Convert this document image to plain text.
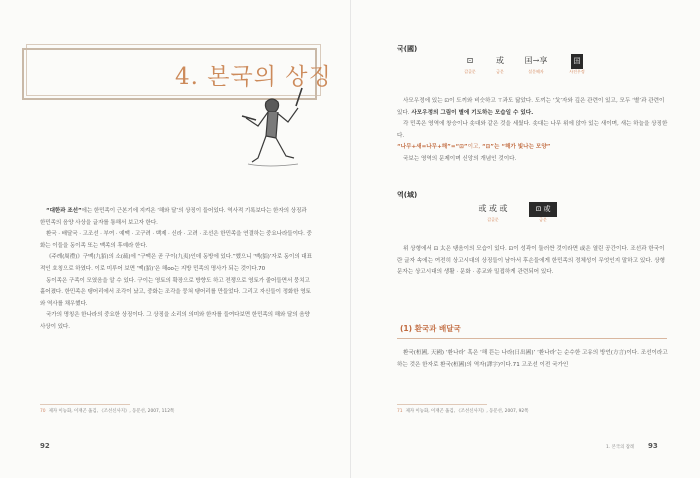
4. 본국의 상징

“대한과 조선”에는 한민족이 근본기에 지켜온 ‘해와 달’의 상징이 들어있다. 역사적 기록보다는 한자의 상징과 한민족의 음양 사상을 글자를 통해서 보고자 한다.

환국 · 배달국 · 고조선 · 부여 · 예맥 · 고구려 · 백제 · 신라 · 고려 · 조선은 한민족을 연결하는 중요나라들이다. 중화는 이들을 동이족 또는 맥족의 후예라 한다.

《주례(周禮)》구맥(九貊)의 소(疏)에 “구맥은 곧 구이(九夷)인데 동방에 있다.”했으니 ‘맥(貊)’자로 동이의 대표적인 호칭으로 하였다. 이로 미루어 보면 ‘맥(貊)’은 해oo는 지방 민족의 명사가 되는 것이다.70

동이족은 구족이 모였음을 알 수 있다. 구이는 영토의 확장으로 방향도 하고 전쟁으로 영토가 줄어들면서 뭉치고 흩어졌다. 한민족은 탱어리에서 조각이 났고, 중화는 조각을 뭉쳐 탱어리를 만들었다. 그리고 자신들이 정화한 영토와 역사를 채우했다.

국가의 명칭은 한나라의 중요한 상징이다. 그 상징을 소리의 의미와 한자를 들여다보면 한민족의 해와 달의 음양사상이 있다.

70 제자 이능화, 이재곤 옮김, 《조선신사지》, 동문선, 2007, 112쪽
92
국(國)
⊡
갑골문
或
금문
囯→享
설문해자
囯
사진우정

사모우정에 있는 ⊡이 도끼와 비슷하고 ⊤과도 닮았다. 도끼는 ‘戈’자와 깊은 관련이 있고, 모두 ‘별’과 관련이 있다. 사모우정의 그림이 별에 기도하는 모습일 수 있다.

각 민족은 영역에 창승이나 솟대와 같은 것을 세웠다. 솟대는 나무 위에 앉아 있는 새이며, 새는 하늘을 상징한다.

“나무+새=나무+해”=“⊡”이고, “⊡”는 “해가 빛나는 모양”

국보는 영역의 문제이며 신앙의 개념인 것이다.

역(域)
或 或 或
갑골문
⊡ 或
금문

위 상형에서 ⊡ 太은 탱음이의 모습이 있다. ⊡이 성곽이 둘러싼 것이라면 或은 열린 공간이다. 조선과 한국이란 글자 속에는 여전히 상고시대의 상징들이 남아서 후손들에게 한민족의 정체성이 무엇인지 말하고 있다. 상형문자는 상고시대의 생활 · 문화 · 종교와 밀접하게 관련되어 있다.

(1) 환국과 배달국

환국(桓國, 天國) ‘환나라’ 혹은 ‘해 뜬는 나라(日出國)’ ‘환나라’는 순수한 고유의 방언(方言)이다. 조선이라고 하는 것은 한자로 환국(桓國)의 역자(譯字)이다.71 고조선 이전 국가인

71 제자 이능화, 이재곤 옮김, 《조선신사지》, 동문선, 2007, 92쪽
1. 본국의 잡례 93
